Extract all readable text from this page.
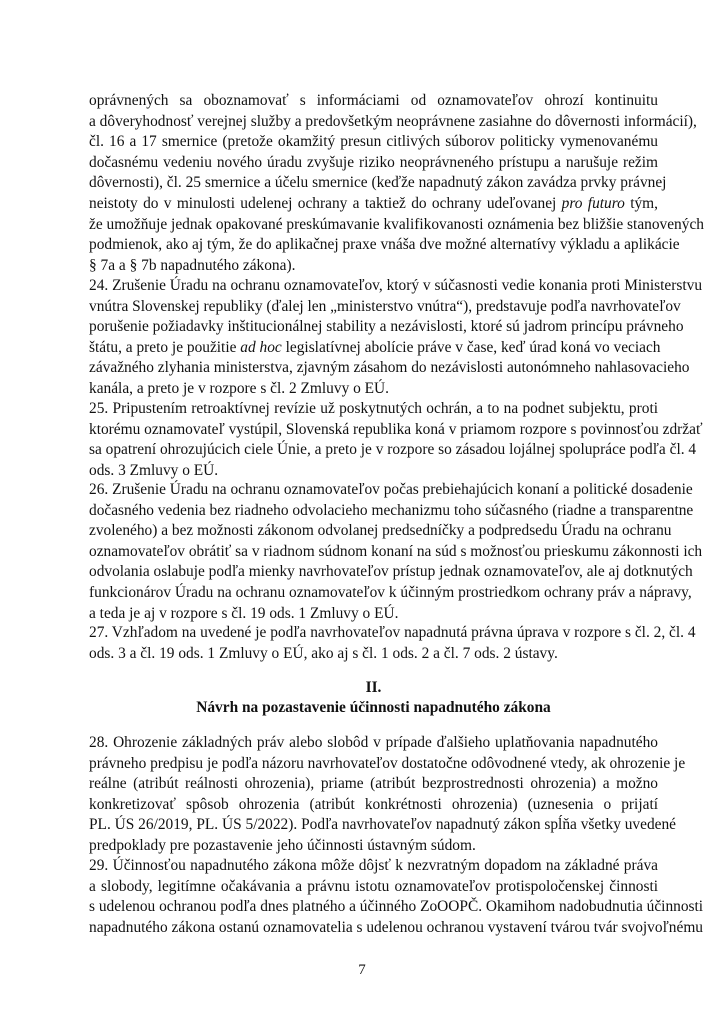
oprávnených sa oboznamovať s informáciami od oznamovateľov ohrozí kontinuitu
a dôveryhodnosť verejnej služby a predovšetkým neoprávnene zasiahne do dôvernosti informácií),
čl. 16 a 17 smernice (pretože okamžitý presun citlivých súborov politicky vymenovanému
dočasnému vedeniu nového úradu zvyšuje riziko neoprávneného prístupu a narušuje režim
dôvernosti), čl. 25 smernice a účelu smernice (keďže napadnutý zákon zavádza prvky právnej
neistoty do v minulosti udelenej ochrany a taktiež do ochrany udeľovanej pro futuro tým,
že umožňuje jednak opakované preskúmavanie kvalifikovanosti oznámenia bez bližšie stanovených
podmienok, ako aj tým, že do aplikačnej praxe vnáša dve možné alternatívy výkladu a aplikácie
§ 7a a § 7b napadnutého zákona).
24. Zrušenie Úradu na ochranu oznamovateľov, ktorý v súčasnosti vedie konania proti Ministerstvu
vnútra Slovenskej republiky (ďalej len „ministerstvo vnútra“), predstavuje podľa navrhovateľov
porušenie požiadavky inštitucionálnej stability a nezávislosti, ktoré sú jadrom princípu právneho
štátu, a preto je použitie ad hoc legislatívnej abolície práve v čase, keď úrad koná vo veciach
závažného zlyhania ministerstva, zjavným zásahom do nezávislosti autonómneho nahlasovacieho
kanála, a preto je v rozpore s čl. 2 Zmluvy o EÚ.
25. Pripustením retroaktívnej revízie už poskytnutých ochrán, a to na podnet subjektu, proti
ktorému oznamovateľ vystúpil, Slovenská republika koná v priamom rozpore s povinnosťou zdržať
sa opatrení ohrozujúcich ciele Únie, a preto je v rozpore so zásadou lojálnej spolupráce podľa čl. 4
ods. 3 Zmluvy o EÚ.
26. Zrušenie Úradu na ochranu oznamovateľov počas prebiehajúcich konaní a politické dosadenie
dočasného vedenia bez riadneho odvolacieho mechanizmu toho súčasného (riadne a transparentne
zvoleného) a bez možnosti zákonom odvolanej predsedníčky a podpredsedu Úradu na ochranu
oznamovateľov obrátiť sa v riadnom súdnom konaní na súd s možnosťou prieskumu zákonnosti ich
odvolania oslabuje podľa mienky navrhovateľov prístup jednak oznamovateľov, ale aj dotknutých
funkcionárov Úradu na ochranu oznamovateľov k účinným prostriedkom ochrany práv a nápravy,
a teda je aj v rozpore s čl. 19 ods. 1 Zmluvy o EÚ.
27. Vzhľadom na uvedené je podľa navrhovateľov napadnutá právna úprava v rozpore s čl. 2, čl. 4
ods. 3 a čl. 19 ods. 1 Zmluvy o EÚ, ako aj s čl. 1 ods. 2 a čl. 7 ods. 2 ústavy.
II.
Návrh na pozastavenie účinnosti napadnutého zákona
28. Ohrozenie základných práv alebo slobôd v prípade ďalšieho uplatňovania napadnutého
právneho predpisu je podľa názoru navrhovateľov dostatočne odôvodnené vtedy, ak ohrozenie je
reálne (atribút reálnosti ohrozenia), priame (atribút bezprostrednosti ohrozenia) a možno
konkretizovať spôsob ohrozenia (atribút konkrétnosti ohrozenia) (uznesenia o prijatí
PL. ÚS 26/2019, PL. ÚS 5/2022). Podľa navrhovateľov napadnutý zákon spĺňa všetky uvedené
predpoklady pre pozastavenie jeho účinnosti ústavným súdom.
29. Účinnosťou napadnutého zákona môže dôjsť k nezvratným dopadom na základné práva
a slobody, legitímne očakávania a právnu istotu oznamovateľov protispoločenskej činnosti
s udelenou ochranou podľa dnes platného a účinného ZoOOPČ. Okamihom nadobudnutia účinnosti
napadnutého zákona ostanú oznamovatelia s udelenou ochranou vystavení tvárou tvár svojvoľnému
7
